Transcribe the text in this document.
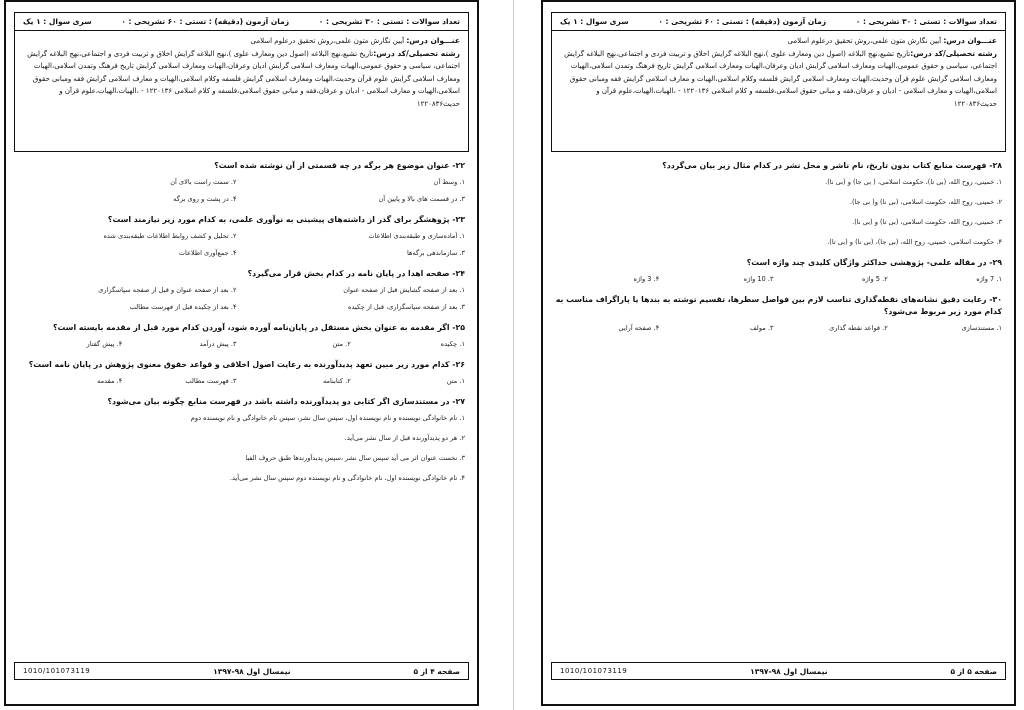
تعداد سوالات : تستی : ۳۰ تشریحی : ۰
زمان آزمون (دقیقه) : تستی : ۶۰ تشریحی : ۰
سری سوال : ۱ یک
عنـــوان درس: آیین نگارش متون علمی،روش تحقیق درعلوم اسلامی
رشته تحصیلی/کد درس:تاریخ تشیع،نهج البلاغه (اصول دین ومعارف علوی )،نهج البلاغه گرایش اخلاق و تربیت فردی و اجتماعی،نهج البلاغه گرایش اجتماعی، سیاسی و حقوق عمومی،الهیات ومعارف اسلامی گرایش ادیان وعرفان،الهیات ومعارف اسلامی گرایش تاریخ فرهنگ وتمدن اسلامی،الهیات ومعارف اسلامی گرایش علوم قرآن وحدیث،الهیات ومعارف اسلامی گرایش فلسفه وکلام اسلامی،الهیات و معارف اسلامی گرایش فقه ومبانی حقوق اسلامی،الهیات و معارف اسلامی - ادیان و عرفان،فقه و مبانی حقوق اسلامی،فلسفه و کلام اسلامی ۱۲۲۰۱۳۶ - ،الهیات،الهیات،علوم قرآن و حدیث۱۲۲۰۸۳۶
۲۲- عنوان موضوع هر برگه در چه قسمتی از آن نوشته شده است؟
۱. وسط آن
۲. سمت راست بالای آن
۳. در قسمت های بالا و پایین آن
۴. در پشت و روی برگه
۲۳- پژوهشگر برای گذر از داشته‌های پیشینی به نوآوری علمی، به کدام مورد زیر نیازمند است؟
۱. آماده‌سازی و طبقه‌بندی اطلاعات
۲. تحلیل و کشف روابط اطلاعات طبقه‌بندی شده
۳. سازماندهی برگه‌ها
۴. جمع‌آوری اطلاعات
۲۴- صفحه اهدا در پایان نامه در کدام بخش قرار می‌گیرد؟
۱. بعد از صفحه گشایش قبل از صفحه عنوان
۲. بعد از صفحه عنوان و قبل از صفحه سپاسگزاری
۳. بعد از صفحه سپاسگزاری، قبل از چکیده
۴. بعد از چکیده قبل از فهرست مطالب
۲۵- اگر مقدمه به عنوان بخش مستقل در پایان‌نامه آورده شود، آوردن کدام مورد قبل از مقدمه بایسته است؟
۱. چکیده
۲. متن
۳. پیش درآمد
۴. پیش گفتار
۲۶- کدام مورد زیر مبین تعهد پدیدآورنده به رعایت اصول اخلاقی و قواعد حقوق معنوی پژوهش در پایان نامه است؟
۱. متن
۲. کتابنامه
۳. فهرست مطالب
۴. مقدمه
۲۷- در مستندسازی اگر کتابی دو پدیدآورنده داشته باشد در فهرست منابع چگونه بیان می‌شود؟
۱. نام خانوادگی نویسنده و نام نویسنده اول، سپس سال نشر، سپس نام خانوادگی و نام نویسنده دوم
۲. هر دو پدیدآورنده قبل از سال نشر می‌آید.
۳. نخست عنوان اثر می آید سپس سال نشر ،سپس پدیدآورندها طبق حروف الفبا
۴. نام خانوادگی نویسنده اول، نام خانوادگی و نام نویسنده دوم سپس سال نشر می‌آید.
صفحه ۴ از ۵
نیمسال اول ۹۸-۱۳۹۷
1010/101073119
تعداد سوالات : تستی : ۳۰ تشریحی : ۰
زمان آزمون (دقیقه) : تستی : ۶۰ تشریحی : ۰
سری سوال : ۱ یک
عنـــوان درس: آیین نگارش متون علمی،روش تحقیق درعلوم اسلامی
رشته تحصیلی/کد درس:تاریخ تشیع،نهج البلاغه (اصول دین ومعارف علوی )،نهج البلاغه گرایش اخلاق و تربیت فردی و اجتماعی،نهج البلاغه گرایش اجتماعی، سیاسی و حقوق عمومی،الهیات ومعارف اسلامی گرایش ادیان وعرفان،الهیات ومعارف اسلامی گرایش تاریخ فرهنگ وتمدن اسلامی،الهیات ومعارف اسلامی گرایش علوم قرآن وحدیث،الهیات ومعارف اسلامی گرایش فلسفه وکلام اسلامی،الهیات و معارف اسلامی گرایش فقه ومبانی حقوق اسلامی،الهیات و معارف اسلامی - ادیان و عرفان،فقه و مبانی حقوق اسلامی،فلسفه و کلام اسلامی ۱۲۲۰۱۳۶ - ،الهیات،الهیات،علوم قرآن و حدیث۱۲۲۰۸۳۶
۲۸- فهرست منابع کتاب بدون تاریخ، نام ناشر و محل نشر در کدام مثال زیر بیان می‌گردد؟
۱. خمینی، روح الله، (بی تا)، حکومت اسلامی، ( بی جا) و (بی نا).
۲. خمینی، روح الله، حکومت اسلامی، (بی نا) و( بی جا).
۳. خمینی، روح الله، حکومت اسلامی، (بی تا) و (بی نا).
۴. حکومت اسلامی، خمینی، روح الله، (بی جا)، (بی نا) و (بی تا).
۲۹- در مقاله علمی- پژوهشی حداکثر واژگان کلیدی چند واژه است؟
۱. 7 واژه
۲. 5 واژه
۳. 10 واژه
۴. 3 واژه
۳۰- رعایت دقیق نشانه‌های نقطه‌گذاری تناسب لازم بین فواصل سطرها، تقسیم نوشته به بندها یا پاراگراف مناسب به کدام مورد زیر مربوط می‌شود؟
۱. مستندسازی
۲. قواعد نقطه گذاری
۳. مولف
۴. صفحه آرایی
صفحه ۵ از ۵
نیمسال اول ۹۸-۱۳۹۷
1010/101073119
